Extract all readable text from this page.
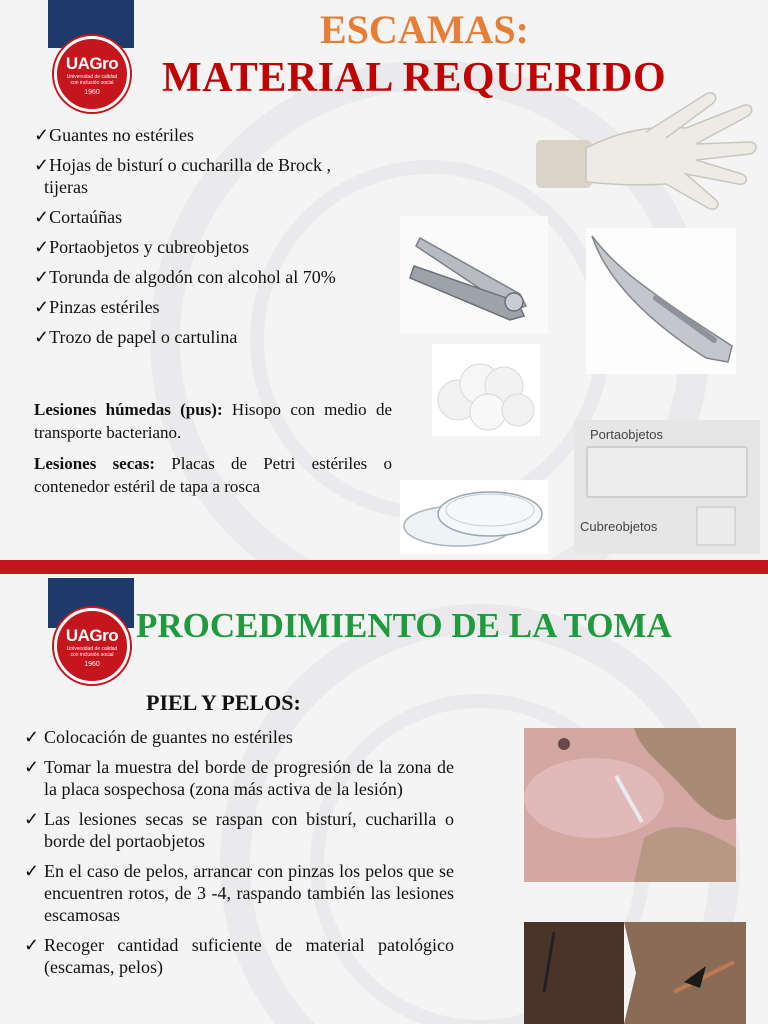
UAGro
Universidad de calidad con inclusión social
1960
ESCAMAS:
MATERIAL REQUERIDO
✓Guantes no estériles
✓Hojas de bisturí o cucharilla de Brock ,
tijeras
✓Cortaúñas
✓Portaobjetos y cubreobjetos
✓Torunda de algodón con alcohol al 70%
✓Pinzas estériles
✓Trozo de papel o cartulina

Lesiones húmedas (pus): Hisopo con medio de transporte bacteriano.

Lesiones secas: Placas de Petri estériles o contenedor estéril de tapa a rosca

Portaobjetos
Cubreobjetos
UAGro
Universidad de calidad con inclusión social
1960
PROCEDIMIENTO DE LA TOMA
PIEL Y PELOS:
✓ Colocación de guantes no estériles
✓ Tomar la muestra del borde de progresión de la zona de la placa sospechosa (zona más activa de la lesión)
✓ Las lesiones secas se raspan con bisturí, cucharilla o borde del portaobjetos
✓ En el caso de pelos, arrancar con pinzas los pelos que se encuentren rotos, de 3 -4, raspando también las lesiones escamosas
✓ Recoger cantidad suficiente de material patológico (escamas, pelos)
